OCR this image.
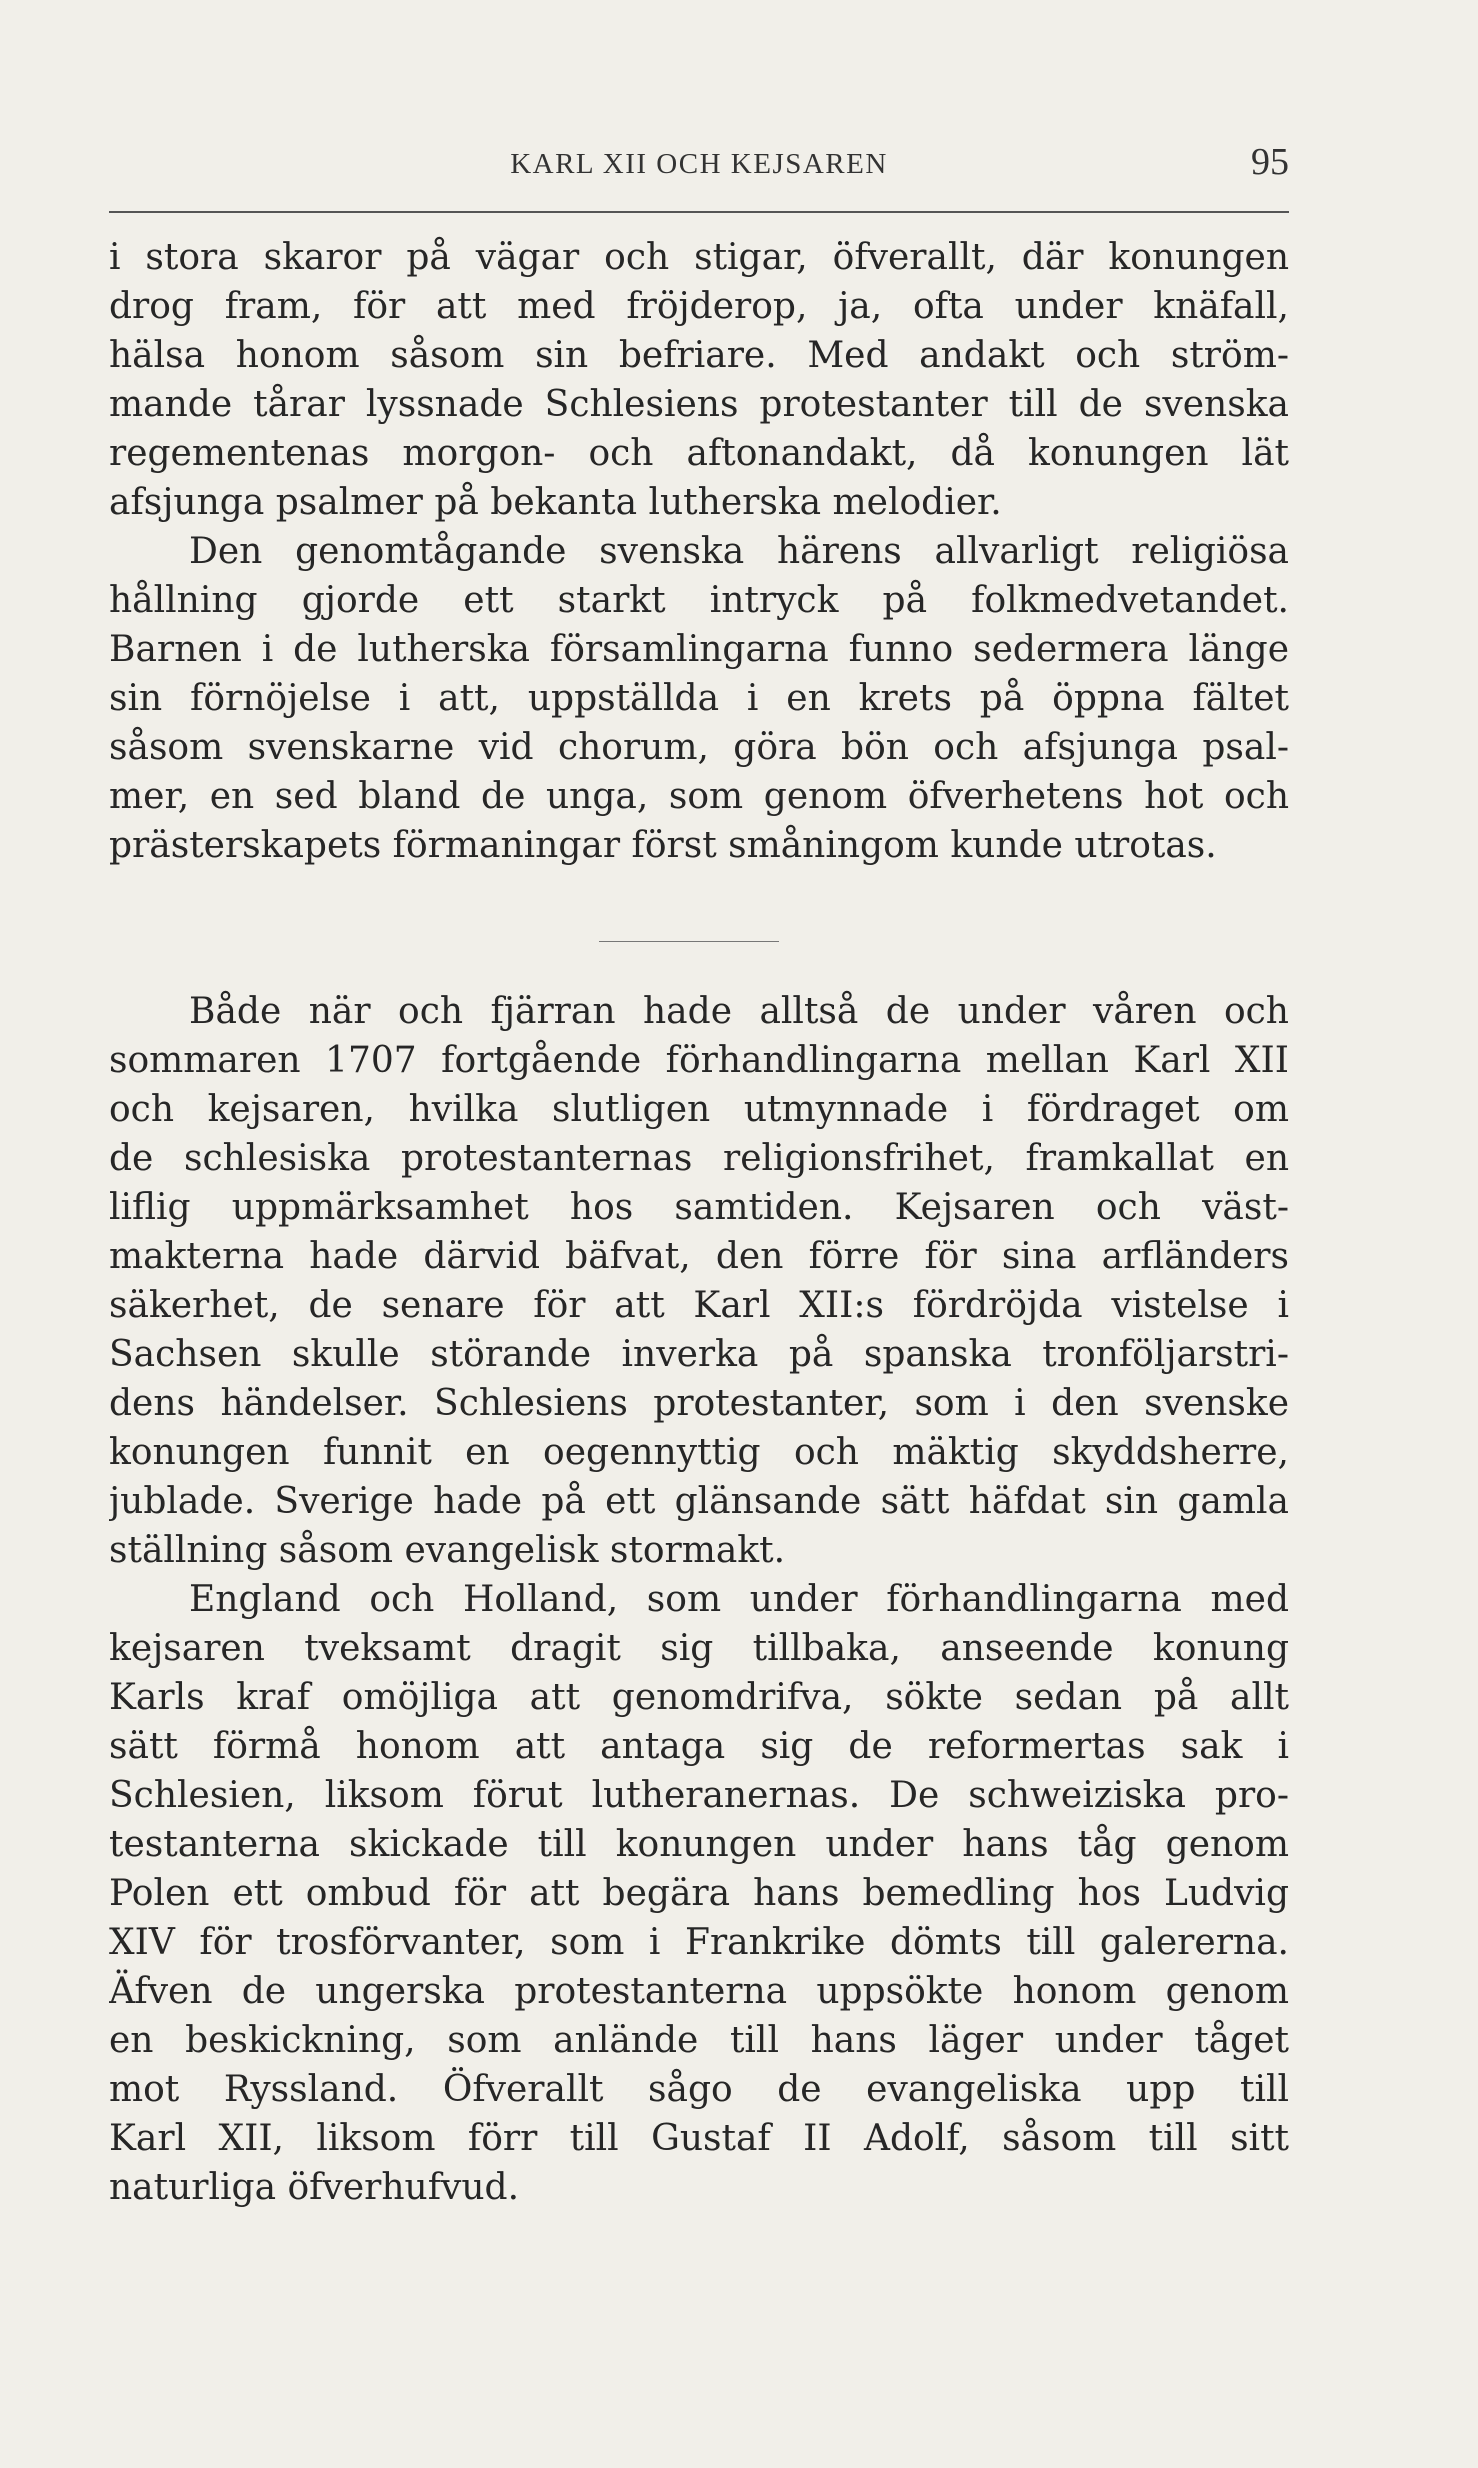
KARL XII OCH KEJSAREN	95
i stora skaror på vägar och stigar, öfverallt, där konungen
drog fram, för att med fröjderop, ja, ofta under knäfall,
hälsa honom såsom sin befriare. Med andakt och ström-
mande tårar lyssnade Schlesiens protestanter till de svenska
regementenas morgon- och aftonandakt, då konungen lät
afsjunga psalmer på bekanta lutherska melodier.
Den genomtågande svenska härens allvarligt religiösa
hållning gjorde ett starkt intryck på folkmedvetandet.
Barnen i de lutherska församlingarna funno sedermera länge
sin förnöjelse i att, uppställda i en krets på öppna fältet
såsom svenskarne vid chorum, göra bön och afsjunga psal-
mer, en sed bland de unga, som genom öfverhetens hot och
prästerskapets förmaningar först småningom kunde utrotas.
Både när och fjärran hade alltså de under våren och
sommaren 1707 fortgående förhandlingarna mellan Karl XII
och kejsaren, hvilka slutligen utmynnade i fördraget om
de schlesiska protestanternas religionsfrihet, framkallat en
liflig uppmärksamhet hos samtiden. Kejsaren och väst-
makterna hade därvid bäfvat, den förre för sina arfländers
säkerhet, de senare för att Karl XII:s fördröjda vistelse i
Sachsen skulle störande inverka på spanska tronföljarstri-
dens händelser. Schlesiens protestanter, som i den svenske
konungen funnit en oegennyttig och mäktig skyddsherre,
jublade. Sverige hade på ett glänsande sätt häfdat sin gamla
ställning såsom evangelisk stormakt.
England och Holland, som under förhandlingarna med
kejsaren tveksamt dragit sig tillbaka, anseende konung
Karls kraf omöjliga att genomdrifva, sökte sedan på allt
sätt förmå honom att antaga sig de reformertas sak i
Schlesien, liksom förut lutheranernas. De schweiziska pro-
testanterna skickade till konungen under hans tåg genom
Polen ett ombud för att begära hans bemedling hos Ludvig
XIV för trosförvanter, som i Frankrike dömts till galererna.
Äfven de ungerska protestanterna uppsökte honom genom
en beskickning, som anlände till hans läger under tåget
mot Ryssland. Öfverallt sågo de evangeliska upp till
Karl XII, liksom förr till Gustaf II Adolf, såsom till sitt
naturliga öfverhufvud.
